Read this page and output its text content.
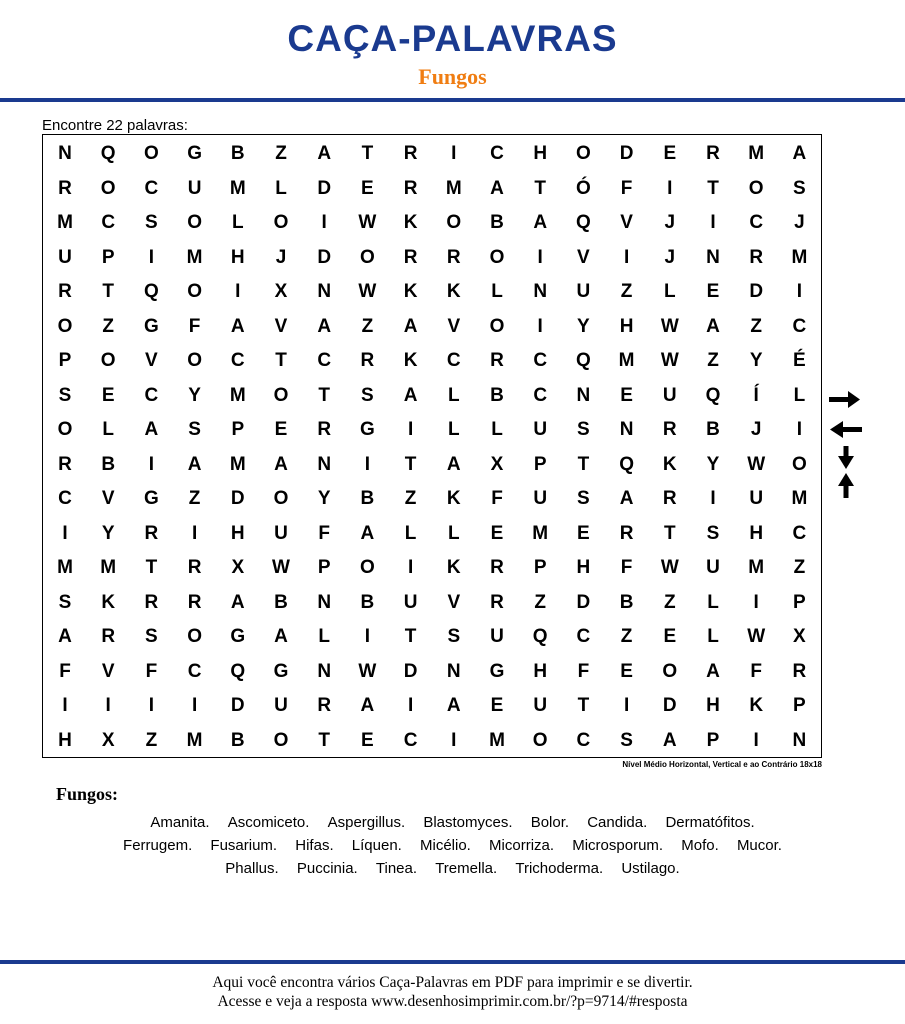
CAÇA-PALAVRAS
Fungos
Encontre 22 palavras:
N	Q	O	G	B	Z	A	T	R	I	C	H	O	D	E	R	M	A
R	O	C	U	M	L	D	E	R	M	A	T	Ó	F	I	T	O	S
M	C	S	O	L	O	I	W	K	O	B	A	Q	V	J	I	C	J
U	P	I	M	H	J	D	O	R	R	O	I	V	I	J	N	R	M
R	T	Q	O	I	X	N	W	K	K	L	N	U	Z	L	E	D	I
O	Z	G	F	A	V	A	Z	A	V	O	I	Y	H	W	A	Z	C
P	O	V	O	C	T	C	R	K	C	R	C	Q	M	W	Z	Y	É
S	E	C	Y	M	O	T	S	A	L	B	C	N	E	U	Q	Í	L
O	L	A	S	P	E	R	G	I	L	L	U	S	N	R	B	J	I
R	B	I	A	M	A	N	I	T	A	X	P	T	Q	K	Y	W	O
C	V	G	Z	D	O	Y	B	Z	K	F	U	S	A	R	I	U	M
I	Y	R	I	H	U	F	A	L	L	E	M	E	R	T	S	H	C
M	M	T	R	X	W	P	O	I	K	R	P	H	F	W	U	M	Z
S	K	R	R	A	B	N	B	U	V	R	Z	D	B	Z	L	I	P
A	R	S	O	G	A	L	I	T	S	U	Q	C	Z	E	L	W	X
F	V	F	C	Q	G	N	W	D	N	G	H	F	E	O	A	F	R
I	I	I	I	D	U	R	A	I	A	E	U	T	I	D	H	K	P
H	X	Z	M	B	O	T	E	C	I	M	O	C	S	A	P	I	N
Nível Médio Horizontal, Vertical e ao Contrário 18x18
Fungos:
Amanita. Ascomiceto. Aspergillus. Blastomyces. Bolor. Candida. Dermatófitos.
Ferrugem. Fusarium. Hifas. Líquen. Micélio. Micorriza. Microsporum. Mofo. Mucor.
Phallus. Puccinia. Tinea. Tremella. Trichoderma. Ustilago.
Aqui você encontra vários Caça-Palavras em PDF para imprimir e se divertir.
Acesse e veja a resposta www.desenhosimprimir.com.br/?p=9714/#resposta
